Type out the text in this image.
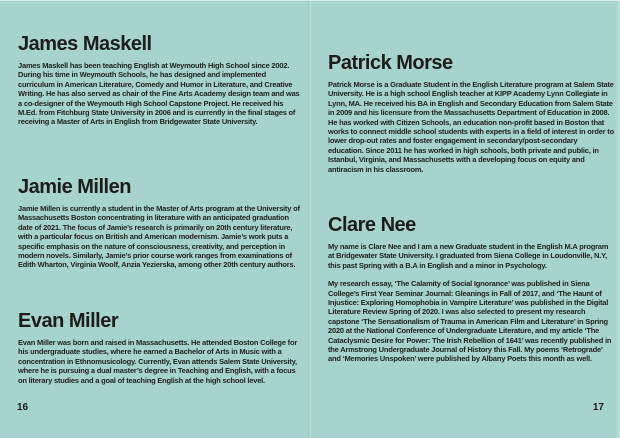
James Maskell

James Maskell has been teaching English at Weymouth High School since 2002. During his time in Weymouth Schools, he has designed and implemented curriculum in American Literature, Comedy and Humor in Literature, and Creative Writing. He has also served as chair of the Fine Arts Academy design team and was a co-designer of the Weymouth High School Capstone Project. He received his M.Ed. from Fitchburg State University in 2006 and is currently in the final stages of receiving a Master of Arts in English from Bridgewater State University.

Jamie Millen

Jamie Millen is currently a student in the Master of Arts program at the University of Massachusetts Boston concentrating in literature with an anticipated graduation date of 2021. The focus of Jamie’s research is primarily on 20th century literature, with a particular focus on British and American modernism. Jamie’s work puts a specific emphasis on the nature of consciousness, creativity, and perception in modern novels. Similarly, Jamie’s prior course work ranges from examinations of Edith Wharton, Virginia Woolf, Anzia Yezierska, among other 20th century authors.

Evan Miller

Evan Miller was born and raised in Massachusetts. He attended Boston College for his undergraduate studies, where he earned a Bachelor of Arts in Music with a concentration in Ethnomusicology. Currently, Evan attends Salem State University, where he is pursuing a dual master’s degree in Teaching and English, with a focus on literary studies and a goal of teaching English at the high school level.

16
Patrick Morse

Patrick Morse is a Graduate Student in the English Literature program at Salem State University. He is a high school English teacher at KIPP Academy Lynn Collegiate in Lynn, MA. He received his BA in English and Secondary Education from Salem State in 2009 and his licensure from the Massachusetts Department of Education in 2008. He has worked with Citizen Schools, an education non-profit based in Boston that works to connect middle school students with experts in a field of interest in order to lower drop-out rates and foster engagement in secondary/post-secondary education. Since 2011 he has worked in high schools, both private and public, in Istanbul, Virginia, and Massachusetts with a developing focus on equity and antiracism in his classroom.

Clare Nee

My name is Clare Nee and I am a new Graduate student in the English M.A program at Bridgewater State University. I graduated from Siena College in Loudonville, N.Y, this past Spring with a B.A in English and a minor in Psychology.

My research essay, ‘The Calamity of Social Ignorance’ was published in Siena College’s First Year Seminar Journal: Gleanings in Fall of 2017, and ‘The Haunt of Injustice: Exploring Homophobia in Vampire Literature’ was published in the Digital Literature Review Spring of 2020. I was also selected to present my research capstone ‘The Sensationalism of Trauma in American Film and Literature’ in Spring 2020 at the National Conference of Undergraduate Literature, and my article ‘The Cataclysmic Desire for Power: The Irish Rebellion of 1641’ was recently published in the Armstrong Undergraduate Journal of History this Fall. My poems ‘Retrograde’ and ‘Memories Unspoken’ were published by Albany Poets this month as well.

17
